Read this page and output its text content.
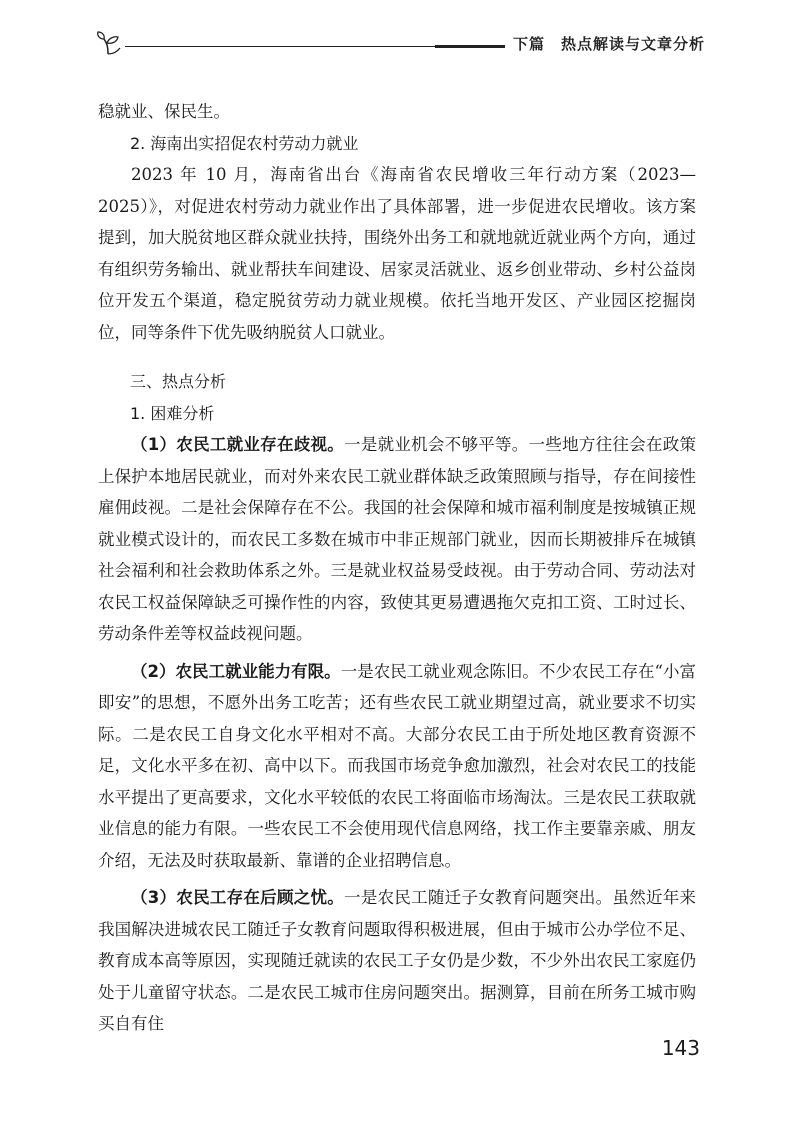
下篇　热点解读与文章分析

稳就业、保民生。

2. 海南出实招促农村劳动力就业

2023 年 10 月，海南省出台《海南省农民增收三年行动方案（2023—2025）》，对促进农村劳动力就业作出了具体部署，进一步促进农民增收。该方案提到，加大脱贫地区群众就业扶持，围绕外出务工和就地就近就业两个方向，通过有组织劳务输出、就业帮扶车间建设、居家灵活就业、返乡创业带动、乡村公益岗位开发五个渠道，稳定脱贫劳动力就业规模。依托当地开发区、产业园区挖掘岗位，同等条件下优先吸纳脱贫人口就业。

三、热点分析
1. 困难分析

（1）农民工就业存在歧视。一是就业机会不够平等。一些地方往往会在政策上保护本地居民就业，而对外来农民工就业群体缺乏政策照顾与指导，存在间接性雇佣歧视。二是社会保障存在不公。我国的社会保障和城市福利制度是按城镇正规就业模式设计的，而农民工多数在城市中非正规部门就业，因而长期被排斥在城镇社会福利和社会救助体系之外。三是就业权益易受歧视。由于劳动合同、劳动法对农民工权益保障缺乏可操作性的内容，致使其更易遭遇拖欠克扣工资、工时过长、劳动条件差等权益歧视问题。

（2）农民工就业能力有限。一是农民工就业观念陈旧。不少农民工存在“小富即安”的思想，不愿外出务工吃苦；还有些农民工就业期望过高，就业要求不切实际。二是农民工自身文化水平相对不高。大部分农民工由于所处地区教育资源不足，文化水平多在初、高中以下。而我国市场竞争愈加激烈，社会对农民工的技能水平提出了更高要求，文化水平较低的农民工将面临市场淘汰。三是农民工获取就业信息的能力有限。一些农民工不会使用现代信息网络，找工作主要靠亲戚、朋友介绍，无法及时获取最新、靠谱的企业招聘信息。

（3）农民工存在后顾之忧。一是农民工随迁子女教育问题突出。虽然近年来我国解决进城农民工随迁子女教育问题取得积极进展，但由于城市公办学位不足、教育成本高等原因，实现随迁就读的农民工子女仍是少数，不少外出农民工家庭仍处于儿童留守状态。二是农民工城市住房问题突出。据测算，目前在所务工城市购买自有住

143
